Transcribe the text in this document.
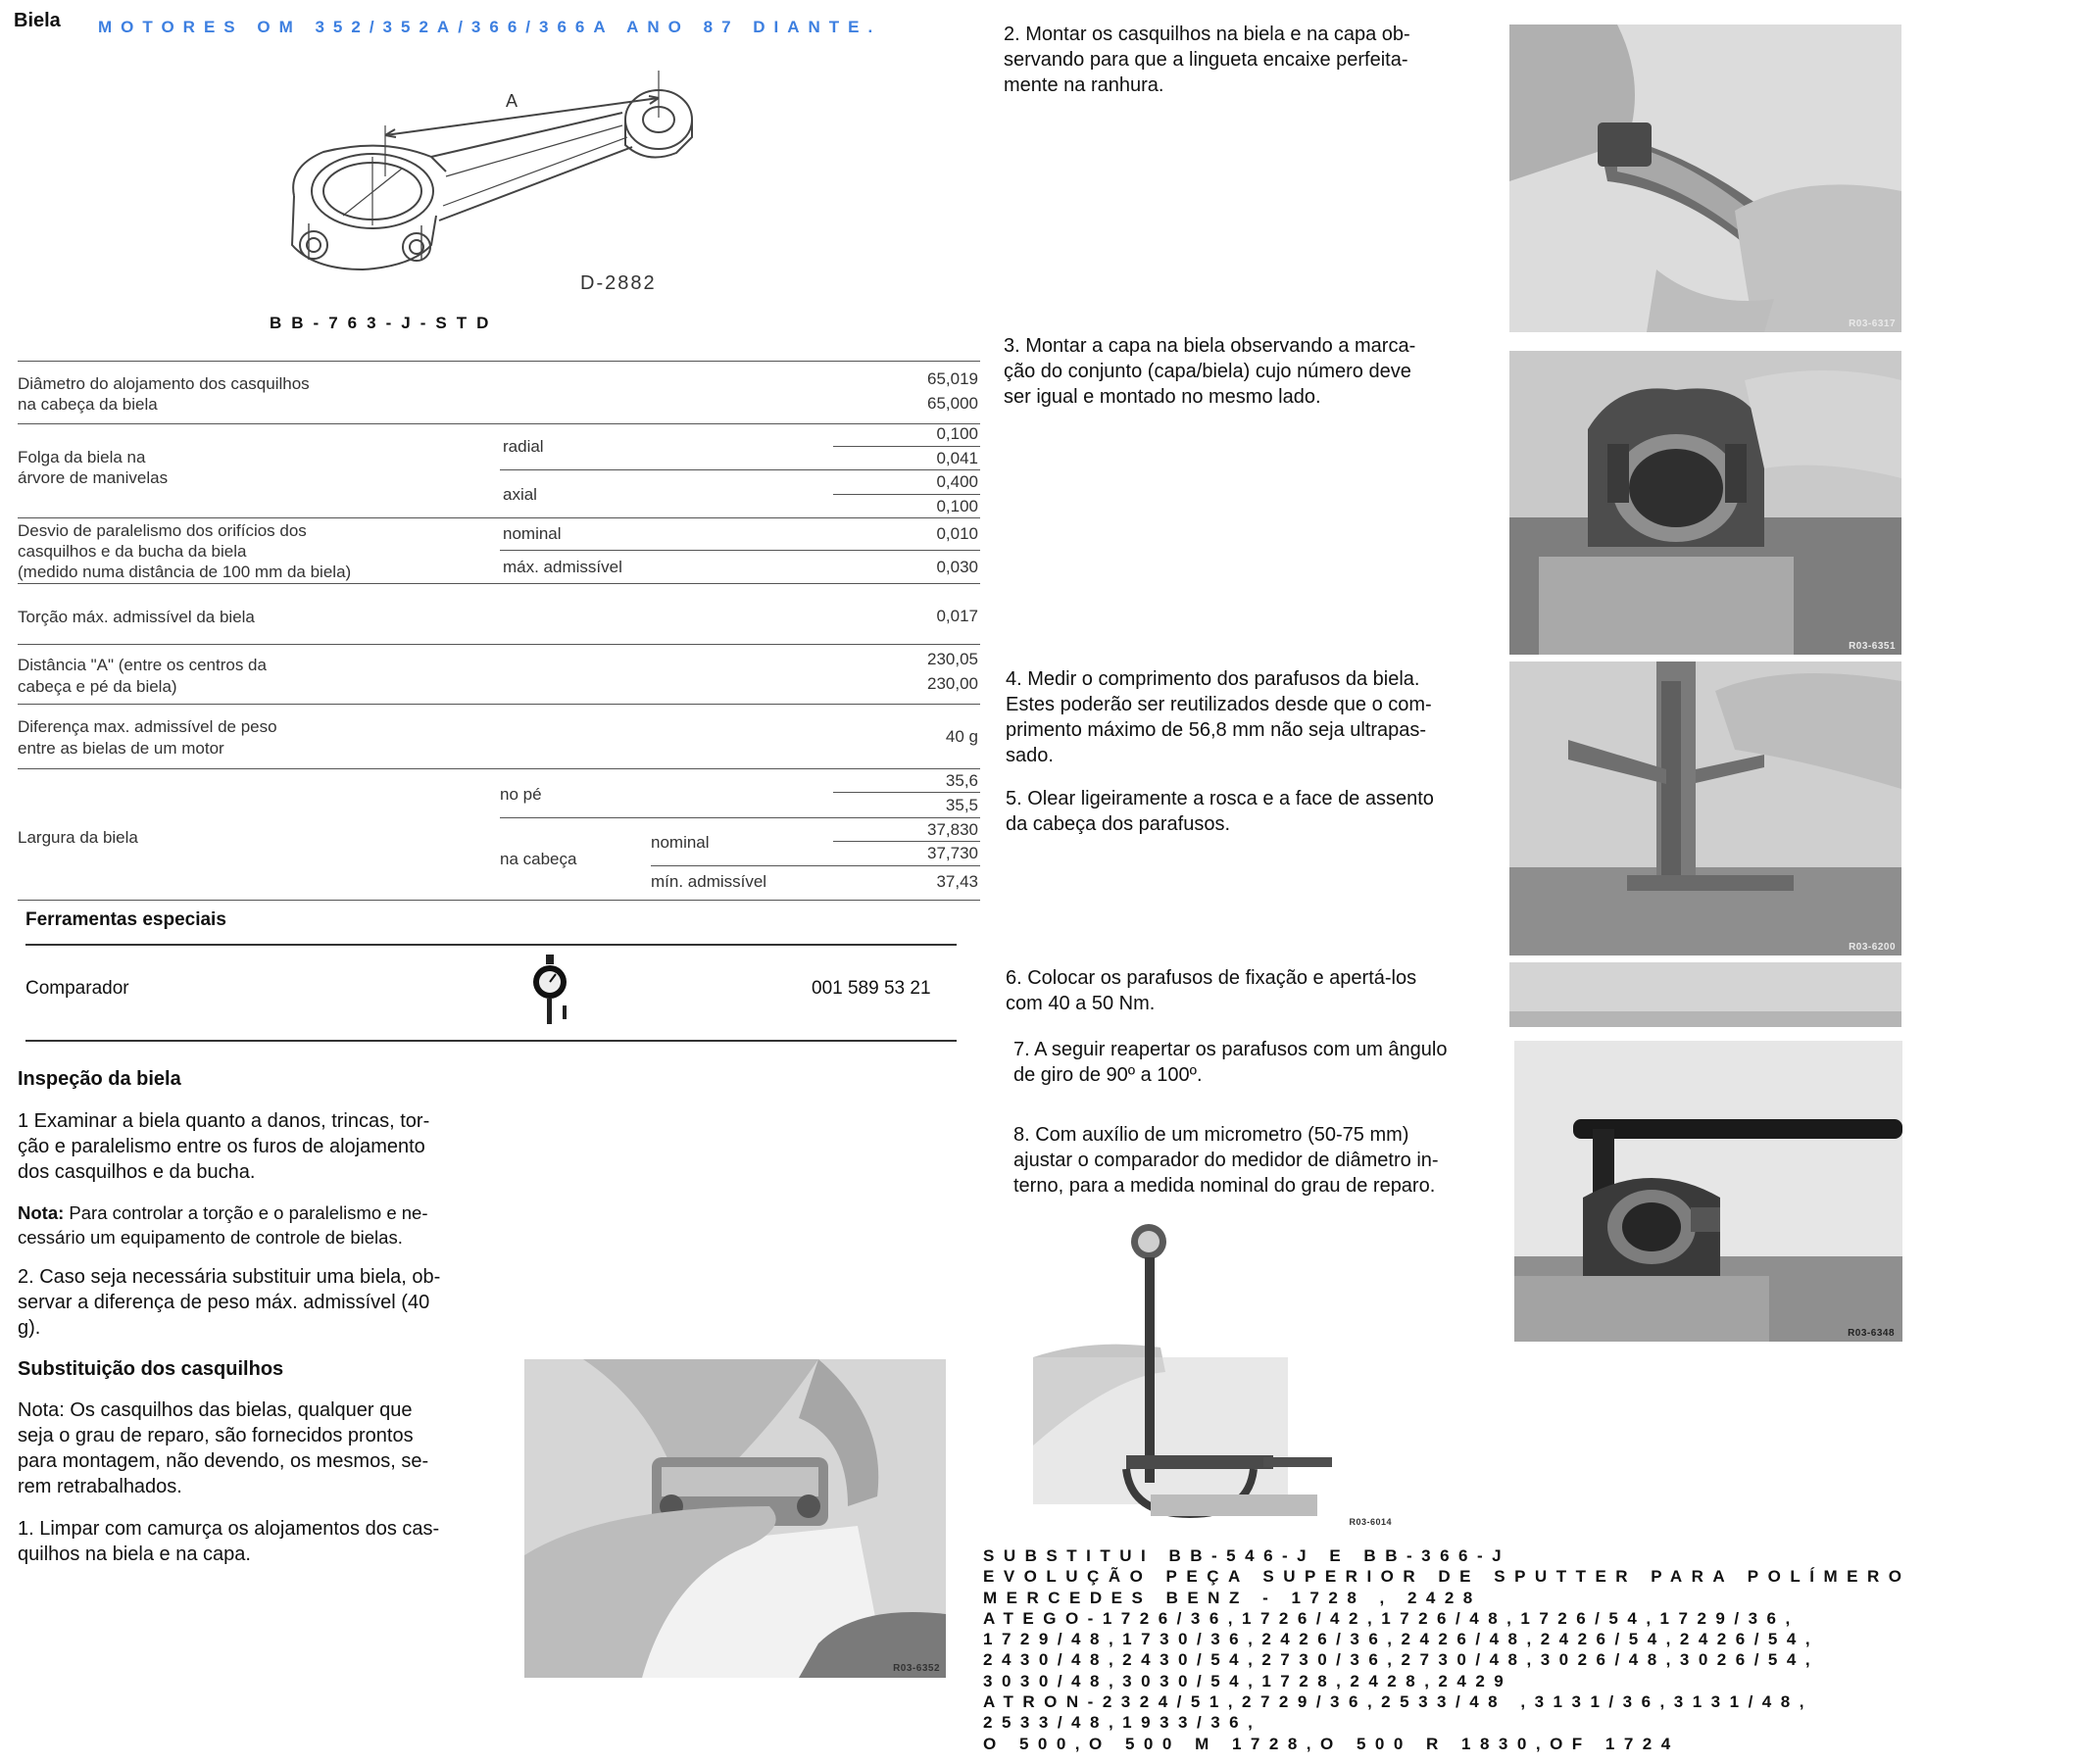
Biela MOTORES OM 352/352A/366/366A ANO 87 DIANTE.
A
D-2882
BB-763-J-STD
Diâmetro do alojamento dos casquilhos
na cabeça da biela
65,019
65,000
Folga da biela na
árvore de manivelas
radial
axial
0,100
0,041
0,400
0,100
Desvio de paralelismo dos orifícios dos
casquilhos e da bucha da biela
(medido numa distância de 100 mm da biela)
nominal
máx. admissível
0,010
0,030
Torção máx. admissível da biela	0,017
Distância "A" (entre os centros da
cabeça e pé da biela)
230,05
230,00
Diferença max. admissível de peso
entre as bielas de um motor
40 g
Largura da biela
no pé
na cabeça
nominal
mín. admissível
35,6
35,5
37,830
37,730
37,43
Ferramentas especiais
Comparador	001 589 53 21
Inspeção da biela
1 Examinar a biela quanto a danos, trincas, tor-
ção e paralelismo entre os furos de alojamento
dos casquilhos e da bucha.
Nota: Para controlar a torção e o paralelismo e ne-
cessário um equipamento de controle de bielas.
2. Caso seja necessária substituir uma biela, ob-
servar a diferença de peso máx. admissível (40
g).
Substituição dos casquilhos
Nota: Os casquilhos das bielas, qualquer que
seja o grau de reparo, são fornecidos prontos
para montagem, não devendo, os mesmos, se-
rem retrabalhados.
1. Limpar com camurça os alojamentos dos cas-
quilhos na biela e na capa.
R03-6352
2. Montar os casquilhos na biela e na capa ob-
servando para que a lingueta encaixe perfeita-
mente na ranhura.
3. Montar a capa na biela observando a marca-
ção do conjunto (capa/biela) cujo número deve
ser igual e montado no mesmo lado.
4. Medir o comprimento dos parafusos da biela.
Estes poderão ser reutilizados desde que o com-
primento máximo de 56,8 mm não seja ultrapas-
sado.
5. Olear ligeiramente a rosca e a face de assento
da cabeça dos parafusos.
6. Colocar os parafusos de fixação e apertá-los
com 40 a 50 Nm.
7. A seguir reapertar os parafusos com um ângulo
de giro de 90º a 100º.
8. Com auxílio de um micrometro (50-75 mm)
ajustar o comparador do medidor de diâmetro in-
terno, para a medida nominal do grau de reparo.
R03-6317
R03-6351
R03-6200
R03-6348
R03-6014
SUBSTITUI BB-546-J E BB-366-J
EVOLUÇÃO PEÇA SUPERIOR DE SPUTTER PARA POLÍMERO
MERCEDES BENZ - 1728 , 2428
ATEGO-1726/36,1726/42,1726/48,1726/54,1729/36,
1729/48,1730/36,2426/36,2426/48,2426/54,2426/54,
2430/48,2430/54,2730/36,2730/48,3026/48,3026/54,
3030/48,3030/54,1728,2428,2429
ATRON-2324/51,2729/36,2533/48 ,3131/36,3131/48,
2533/48,1933/36,
O 500,O 500 M 1728,O 500 R 1830,OF 1724
